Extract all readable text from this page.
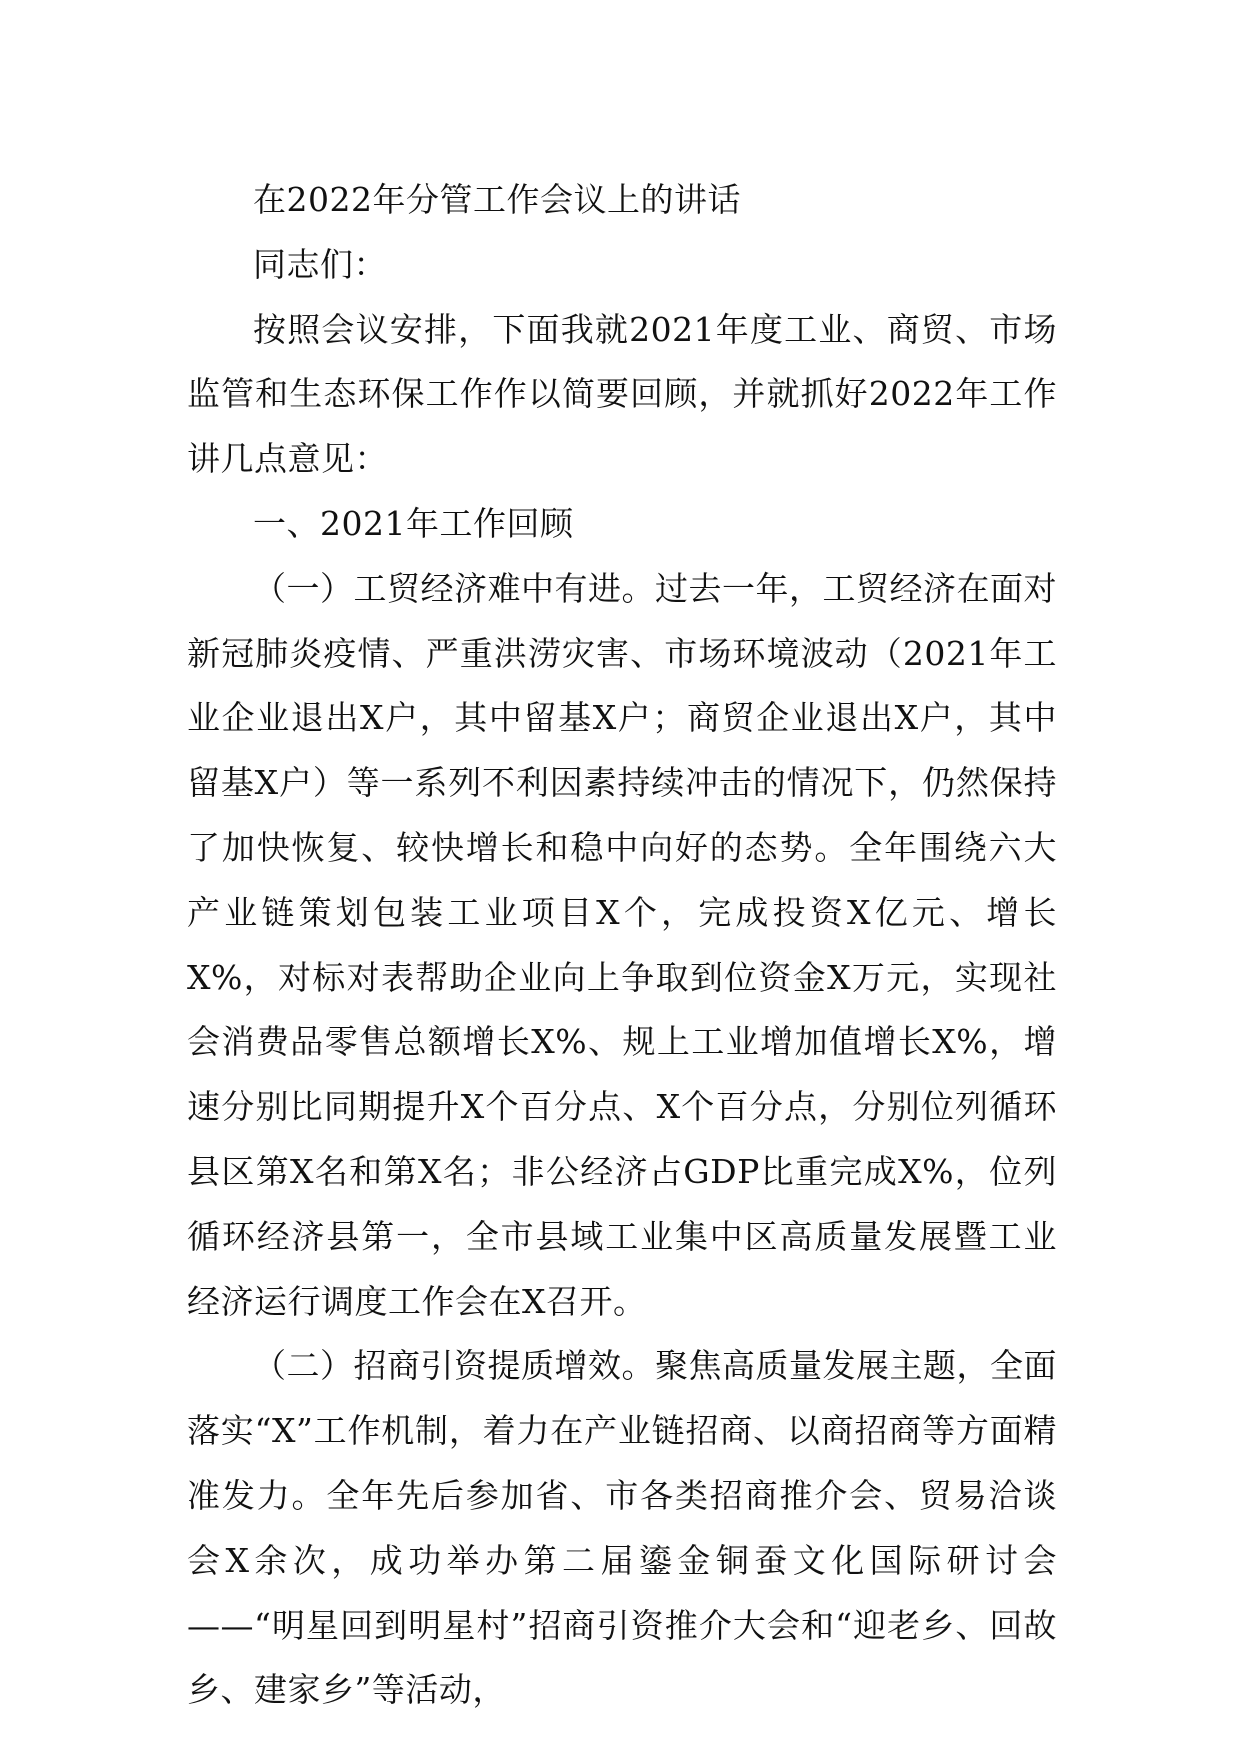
在2022年分管工作会议上的讲话

同志们：

按照会议安排，下面我就2021年度工业、商贸、市场监管和生态环保工作作以简要回顾，并就抓好2022年工作讲几点意见：

一、2021年工作回顾

（一）工贸经济难中有进。过去一年，工贸经济在面对新冠肺炎疫情、严重洪涝灾害、市场环境波动（2021年工业企业退出X户，其中留基X户；商贸企业退出X户，其中留基X户）等一系列不利因素持续冲击的情况下，仍然保持了加快恢复、较快增长和稳中向好的态势。全年围绕六大产业链策划包装工业项目X个，完成投资X亿元、增长X%，对标对表帮助企业向上争取到位资金X万元，实现社会消费品零售总额增长X%、规上工业增加值增长X%，增速分别比同期提升X个百分点、X个百分点，分别位列循环县区第X名和第X名；非公经济占GDP比重完成X%，位列循环经济县第一，全市县域工业集中区高质量发展暨工业经济运行调度工作会在X召开。

（二）招商引资提质增效。聚焦高质量发展主题，全面落实“X”工作机制，着力在产业链招商、以商招商等方面精准发力。全年先后参加省、市各类招商推介会、贸易洽谈会X余次，成功举办第二届鎏金铜蚕文化国际研讨会——“明星回到明星村”招商引资推介大会和“迎老乡、回故乡、建家乡”等活动，
